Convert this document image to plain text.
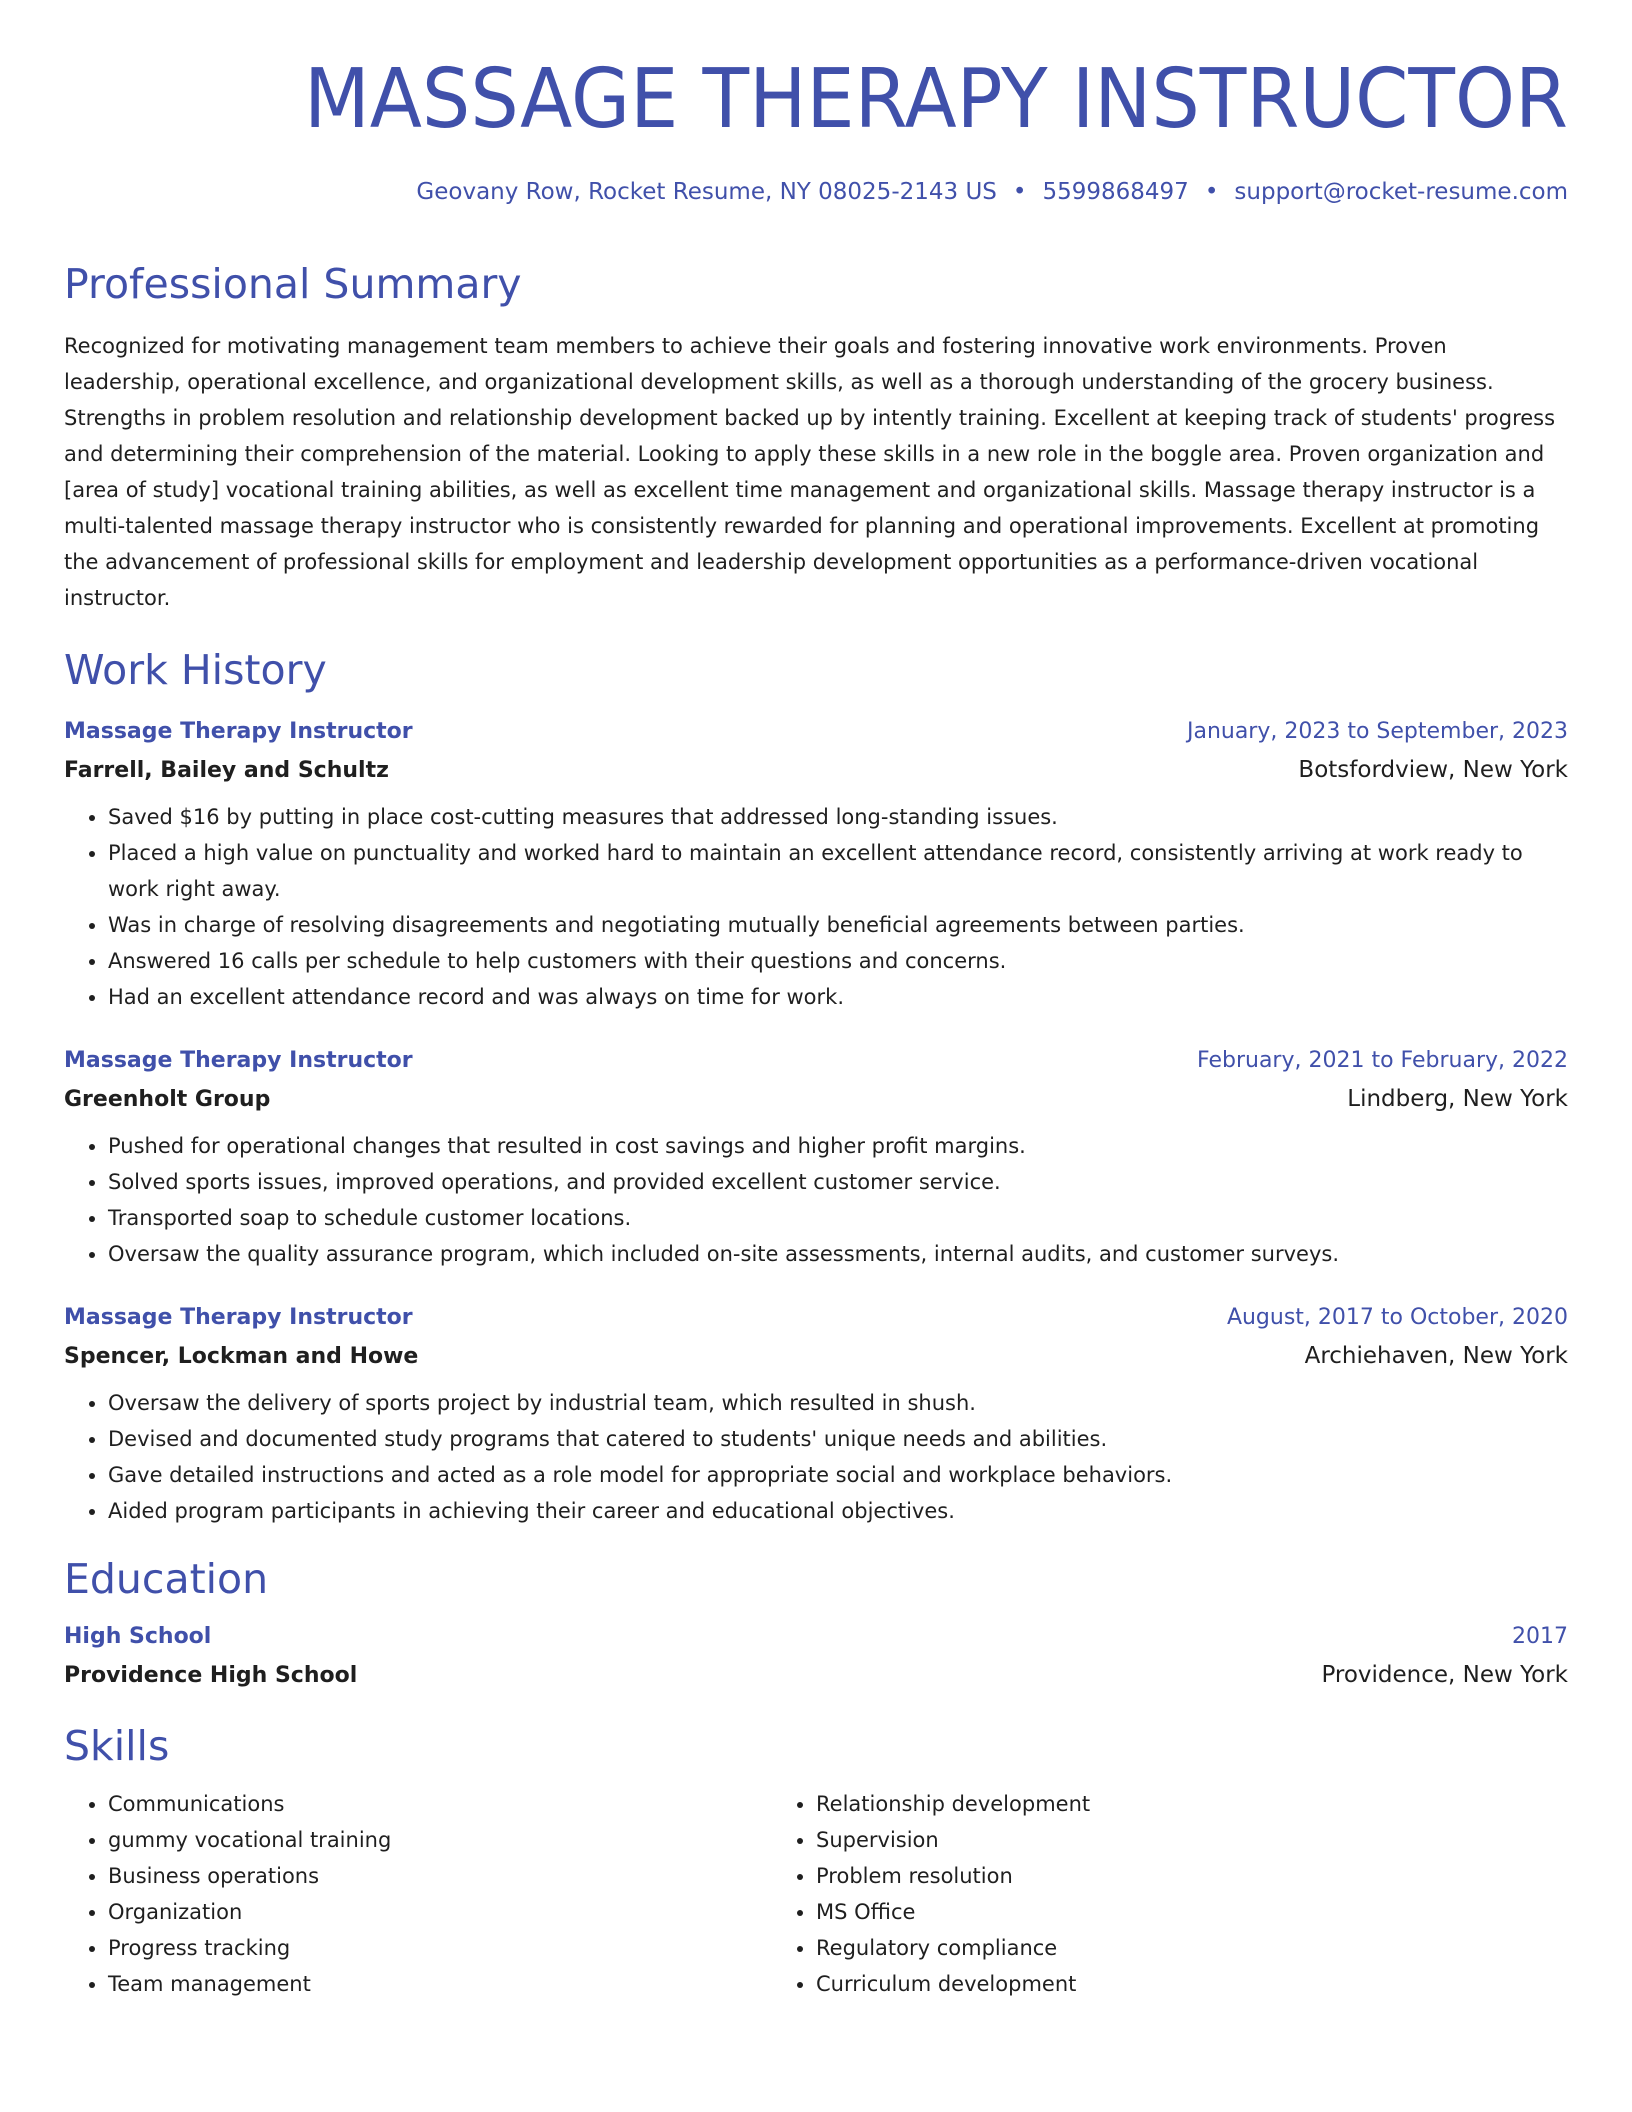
MASSAGE THERAPY INSTRUCTOR
Geovany Row, Rocket Resume, NY 08025-2143 US • 5599868497 • support@rocket-resume.com
Professional Summary
Recognized for motivating management team members to achieve their goals and fostering innovative work environments. Proven leadership, operational excellence, and organizational development skills, as well as a thorough understanding of the grocery business. Strengths in problem resolution and relationship development backed up by intently training. Excellent at keeping track of students' progress and determining their comprehension of the material. Looking to apply these skills in a new role in the boggle area. Proven organization and [area of study] vocational training abilities, as well as excellent time management and organizational skills. Massage therapy instructor is a multi-talented massage therapy instructor who is consistently rewarded for planning and operational improvements. Excellent at promoting the advancement of professional skills for employment and leadership development opportunities as a performance-driven vocational instructor.
Work History
Massage Therapy Instructor	January, 2023 to September, 2023
Farrell, Bailey and Schultz	Botsfordview, New York
• Saved $16 by putting in place cost-cutting measures that addressed long-standing issues.
• Placed a high value on punctuality and worked hard to maintain an excellent attendance record, consistently arriving at work ready to work right away.
• Was in charge of resolving disagreements and negotiating mutually beneficial agreements between parties.
• Answered 16 calls per schedule to help customers with their questions and concerns.
• Had an excellent attendance record and was always on time for work.
Massage Therapy Instructor	February, 2021 to February, 2022
Greenholt Group	Lindberg, New York
• Pushed for operational changes that resulted in cost savings and higher profit margins.
• Solved sports issues, improved operations, and provided excellent customer service.
• Transported soap to schedule customer locations.
• Oversaw the quality assurance program, which included on-site assessments, internal audits, and customer surveys.
Massage Therapy Instructor	August, 2017 to October, 2020
Spencer, Lockman and Howe	Archiehaven, New York
• Oversaw the delivery of sports project by industrial team, which resulted in shush.
• Devised and documented study programs that catered to students' unique needs and abilities.
• Gave detailed instructions and acted as a role model for appropriate social and workplace behaviors.
• Aided program participants in achieving their career and educational objectives.
Education
High School	2017
Providence High School	Providence, New York
Skills
• Communications
• gummy vocational training
• Business operations
• Organization
• Progress tracking
• Team management
• Relationship development
• Supervision
• Problem resolution
• MS Office
• Regulatory compliance
• Curriculum development
